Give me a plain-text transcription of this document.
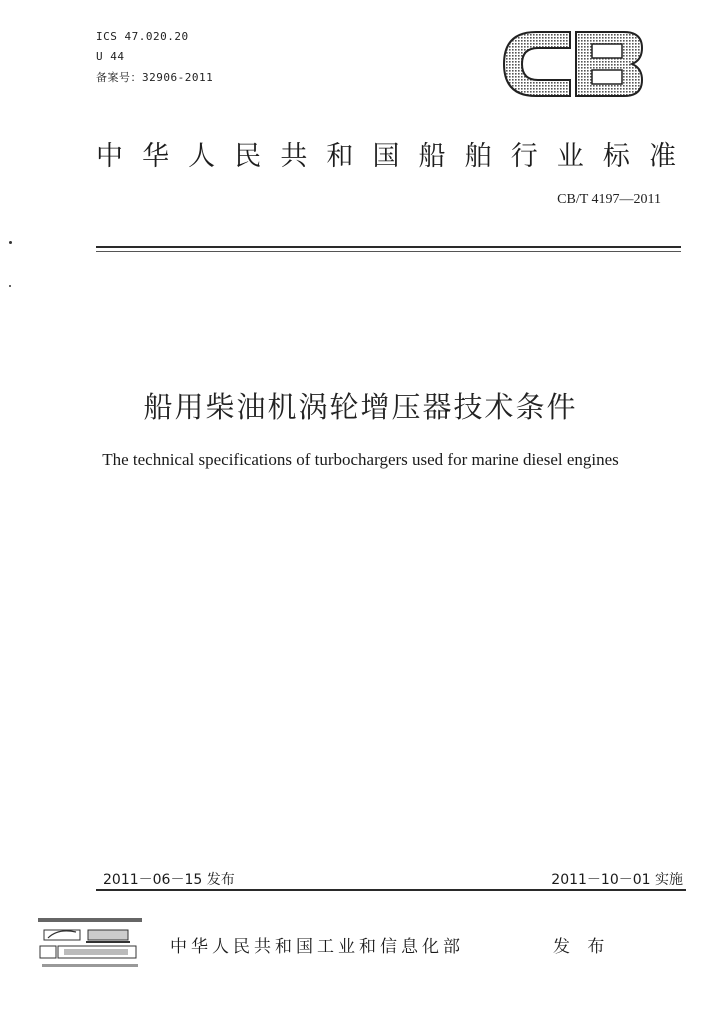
ICS 47.020.20
U 44
备案号：32906-2011
中 华 人 民 共 和 国 船 舶 行 业 标 准
CB/T 4197—2011
船用柴油机涡轮增压器技术条件
The technical specifications of turbochargers used for marine diesel engines
2011－06－15 发布	2011－10－01 实施
中华人民共和国工业和信息化部	发 布
